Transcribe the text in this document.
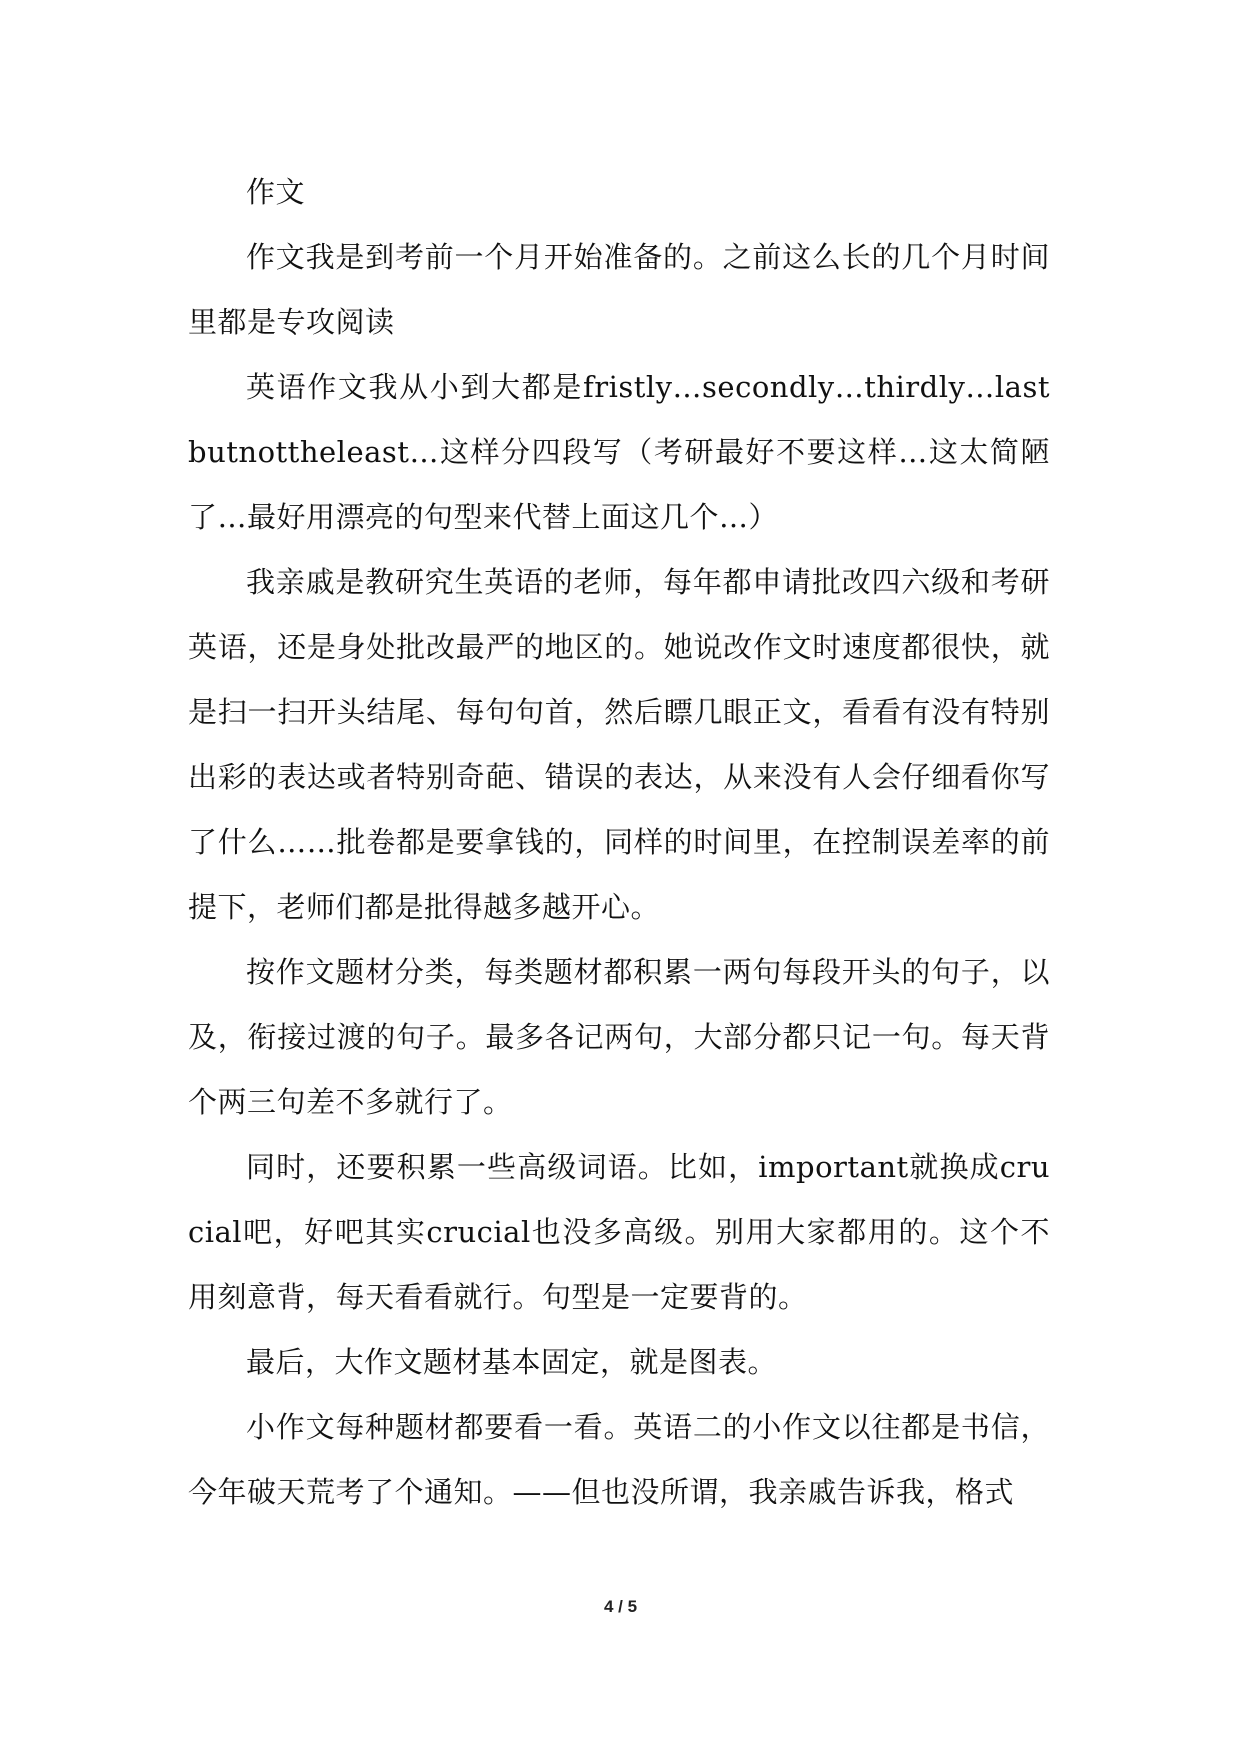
作文

作文我是到考前一个月开始准备的。之前这么长的几个月时间里都是专攻阅读

英语作文我从小到大都是fristly…secondly…thirdly…lastbutnottheleast…这样分四段写（考研最好不要这样…这太简陋了…最好用漂亮的句型来代替上面这几个…）

我亲戚是教研究生英语的老师，每年都申请批改四六级和考研英语，还是身处批改最严的地区的。她说改作文时速度都很快，就是扫一扫开头结尾、每句句首，然后瞟几眼正文，看看有没有特别出彩的表达或者特别奇葩、错误的表达，从来没有人会仔细看你写了什么……批卷都是要拿钱的，同样的时间里，在控制误差率的前提下，老师们都是批得越多越开心。

按作文题材分类，每类题材都积累一两句每段开头的句子，以及，衔接过渡的句子。最多各记两句，大部分都只记一句。每天背个两三句差不多就行了。

同时，还要积累一些高级词语。比如，important就换成crucial吧，好吧其实crucial也没多高级。别用大家都用的。这个不用刻意背，每天看看就行。句型是一定要背的。

最后，大作文题材基本固定，就是图表。

小作文每种题材都要看一看。英语二的小作文以往都是书信，今年破天荒考了个通知。——但也没所谓，我亲戚告诉我，格式

4 / 5
